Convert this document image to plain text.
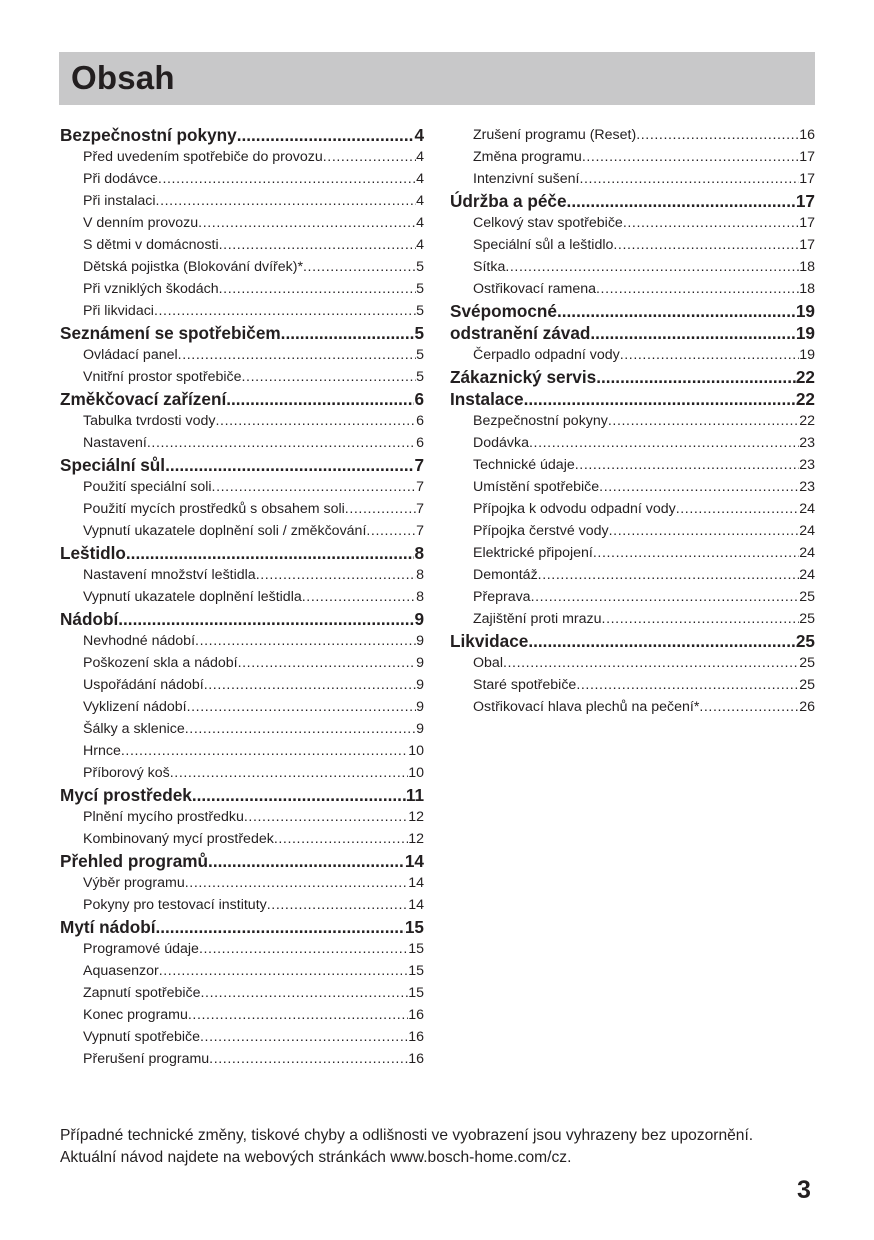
Obsah
Bezpečnostní pokyny .....	4
Před uvedením spotřebiče do provozu .....	4
Při dodávce .....	4
Při instalaci .....	4
V denním provozu .....	4
S dětmi v domácnosti .....	4
Dětská pojistka (Blokování dvířek)* .....	5
Při vzniklých škodách .....	5
Při likvidaci .....	5
Seznámení se spotřebičem .....	5
Ovládací panel .....	5
Vnitřní prostor spotřebiče .....	5
Změkčovací zařízení .....	6
Tabulka tvrdosti vody .....	6
Nastavení .....	6
Speciální sůl .....	7
Použití speciální soli .....	7
Použití mycích prostředků s obsahem soli .....	7
Vypnutí ukazatele doplnění soli / změkčování .....	7
Leštidlo .....	8
Nastavení množství leštidla .....	8
Vypnutí ukazatele doplnění leštidla .....	8
Nádobí .....	9
Nevhodné nádobí .....	9
Poškození skla a nádobí .....	9
Uspořádání nádobí .....	9
Vyklizení nádobí .....	9
Šálky a sklenice .....	9
Hrnce .....	10
Příborový koš .....	10
Mycí prostředek .....	11
Plnění mycího prostředku .....	12
Kombinovaný mycí prostředek .....	12
Přehled programů .....	14
Výběr programu .....	14
Pokyny pro testovací instituty .....	14
Mytí nádobí .....	15
Programové údaje .....	15
Aquasenzor .....	15
Zapnutí spotřebiče .....	15
Konec programu .....	16
Vypnutí spotřebiče .....	16
Přerušení programu .....	16
Zrušení programu (Reset) .....	16
Změna programu .....	17
Intenzivní sušení .....	17
Údržba a péče .....	17
Celkový stav spotřebiče .....	17
Speciální sůl a leštidlo .....	17
Sítka .....	18
Ostřikovací ramena .....	18
Svépomocné .....	19
odstranění závad .....	19
Čerpadlo odpadní vody .....	19
Zákaznický servis .....	22
Instalace .....	22
Bezpečnostní pokyny .....	22
Dodávka .....	23
Technické údaje .....	23
Umístění spotřebiče .....	23
Přípojka k odvodu odpadní vody .....	24
Přípojka čerstvé vody .....	24
Elektrické připojení .....	24
Demontáž .....	24
Přeprava .....	25
Zajištění proti mrazu .....	25
Likvidace .....	25
Obal .....	25
Staré spotřebiče .....	25
Ostřikovací hlava plechů na pečení* .....	26

Případné technické změny, tiskové chyby a odlišnosti ve vyobrazení jsou vyhrazeny bez upozornění. Aktuální návod najdete na webových stránkách www.bosch-home.com/cz.

3
